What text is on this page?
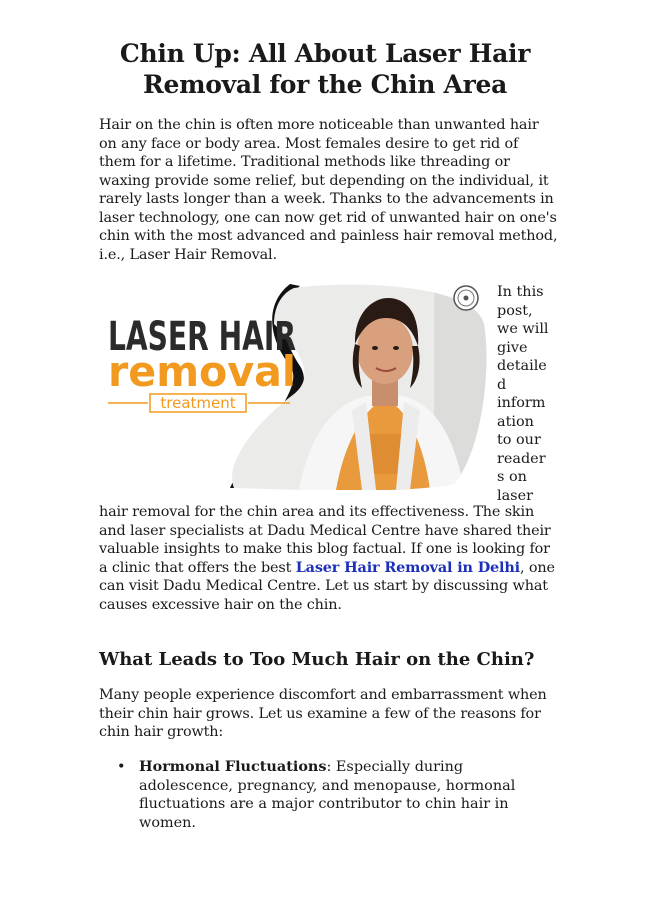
Chin Up: All About Laser Hair Removal for the Chin Area

Hair on the chin is often more noticeable than unwanted hair on any face or body area. Most females desire to get rid of them for a lifetime. Traditional methods like threading or waxing provide some relief, but depending on the individual, it rarely lasts longer than a week. Thanks to the advancements in laser technology, one can now get rid of unwanted hair on one's chin with the most advanced and painless hair removal method, i.e., Laser Hair Removal.

LASER HAIR
removal
treatment
In this
post,
we will
give
detaile
d
inform
ation
to our
reader
s on
laser

hair removal for the chin area and its effectiveness. The skin and laser specialists at Dadu Medical Centre have shared their valuable insights to make this blog factual. If one is looking for a clinic that offers the best Laser Hair Removal in Delhi, one can visit Dadu Medical Centre. Let us start by discussing what causes excessive hair on the chin.

What Leads to Too Much Hair on the Chin?

Many people experience discomfort and embarrassment when their chin hair grows. Let us examine a few of the reasons for chin hair growth:

• Hormonal Fluctuations: Especially during adolescence, pregnancy, and menopause, hormonal fluctuations are a major contributor to chin hair in women.
